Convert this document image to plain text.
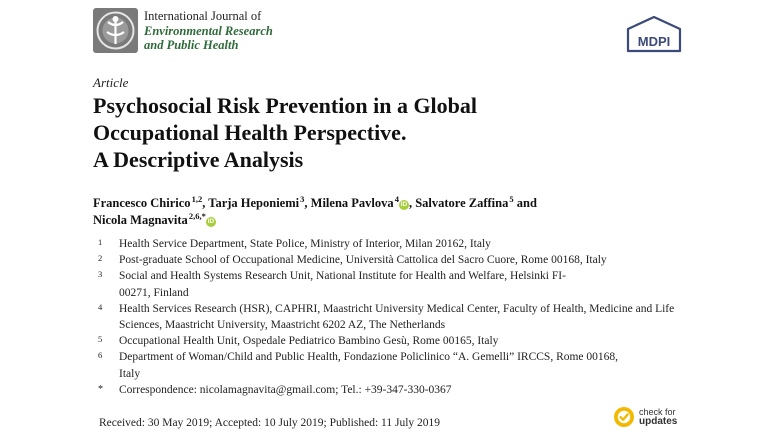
International Journal of
Environmental Research
and Public Health	MDPI
Article
Psychosocial Risk Prevention in a Global
Occupational Health Perspective.
A Descriptive Analysis
Francesco Chirico $^{1,2}$, Tarja Heponiemi $^3$, Milena Pavlova $^4$iD , Salvatore Zaffina $^5$ and
Nicola Magnavita $^{2,6,*}$iD
1 Health Service Department, State Police, Ministry of Interior, Milan 20162, Italy
2 Post-graduate School of Occupational Medicine, Università Cattolica del Sacro Cuore, Rome 00168, Italy
3 Social and Health Systems Research Unit, National Institute for Health and Welfare, Helsinki FI-00271, Finland
4 Health Services Research (HSR), CAPHRI, Maastricht University Medical Center, Faculty of Health, Medicine and Life Sciences, Maastricht University, Maastricht 6202 AZ, The Netherlands
5 Occupational Health Unit, Ospedale Pediatrico Bambino Gesù, Rome 00165, Italy
6 Department of Woman/Child and Public Health, Fondazione Policlinico “A. Gemelli” IRCCS, Rome 00168, Italy
* Correspondence: nicolamagnavita@gmail.com; Tel.: +39-347-330-0367
Received: 30 May 2019; Accepted: 10 July 2019; Published: 11 July 2019
check for
updates
